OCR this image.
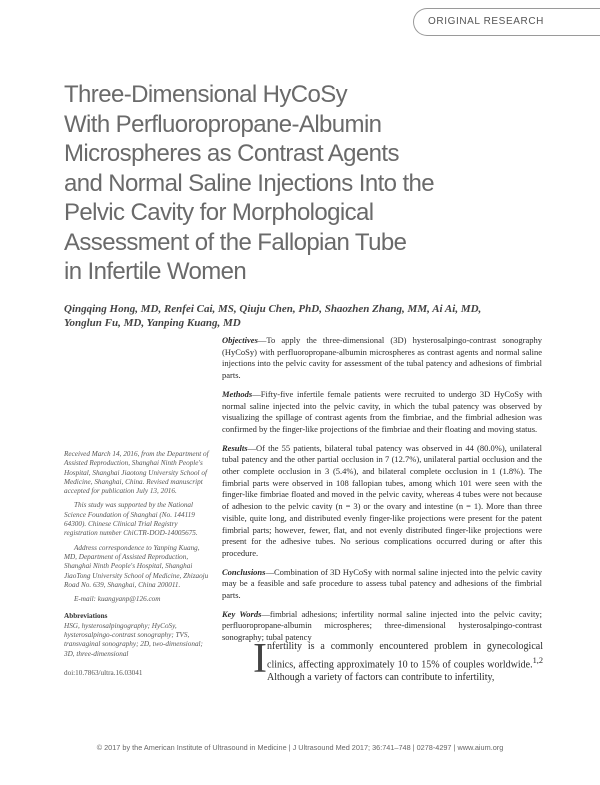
ORIGINAL RESEARCH
Three-Dimensional HyCoSy
With Perfluoropropane-Albumin
Microspheres as Contrast Agents
and Normal Saline Injections Into the
Pelvic Cavity for Morphological
Assessment of the Fallopian Tube
in Infertile Women
Qingqing Hong, MD, Renfei Cai, MS, Qiuju Chen, PhD, Shaozhen Zhang, MM, Ai Ai, MD,
Yonglun Fu, MD, Yanping Kuang, MD

Objectives—To apply the three-dimensional (3D) hysterosalpingo-contrast sonography (HyCoSy) with perfluoropropane-albumin microspheres as contrast agents and normal saline injections into the pelvic cavity for assessment of the tubal patency and adhesions of fimbrial parts.

Methods—Fifty-five infertile female patients were recruited to undergo 3D HyCoSy with normal saline injected into the pelvic cavity, in which the tubal patency was observed by visualizing the spillage of contrast agents from the fimbriae, and the fimbrial adhesion was confirmed by the finger-like projections of the fimbriae and their floating and moving status.

Results—Of the 55 patients, bilateral tubal patency was observed in 44 (80.0%), unilateral tubal patency and the other partial occlusion in 7 (12.7%), unilateral partial occlusion and the other complete occlusion in 3 (5.4%), and bilateral complete occlusion in 1 (1.8%). The fimbrial parts were observed in 108 fallopian tubes, among which 101 were seen with the finger-like fimbriae floated and moved in the pelvic cavity, whereas 4 tubes were not because of adhesion to the pelvic cavity (n = 3) or the ovary and intestine (n = 1). More than three visible, quite long, and distributed evenly finger-like projections were present for the patent fimbrial parts; however, fewer, flat, and not evenly distributed finger-like projections were present for the adhesive tubes. No serious complications occurred during or after this procedure.

Conclusions—Combination of 3D HyCoSy with normal saline injected into the pelvic cavity may be a feasible and safe procedure to assess tubal patency and adhesions of the fimbrial parts.

Key Words—fimbrial adhesions; infertility normal saline injected into the pelvic cavity; perfluoropropane-albumin microspheres; three-dimensional hysterosalpingo-contrast sonography; tubal patency

Received March 14, 2016, from the Department of Assisted Reproduction, Shanghai Ninth People's Hospital, Shanghai Jiaotong University School of Medicine, Shanghai, China. Revised manuscript accepted for publication July 13, 2016.

This study was supported by the National Science Foundation of Shanghai (No. 144119 64300). Chinese Clinical Trial Registry registration number ChiCTR-DOD-14005675.

Address correspondence to Yanping Kuang, MD, Department of Assisted Reproduction, Shanghai Ninth People's Hospital, Shanghai JiaoTong University School of Medicine, Zhizaoju Road No. 639, Shanghai, China 200011.

E-mail: kuangyanp@126.com

Abbreviations

HSG, hysterosalpingography; HyCoSy, hysterosalpingo-contrast sonography; TVS, transvaginal sonography; 2D, two-dimensional; 3D, three-dimensional

doi:10.7863/ultra.16.03041	I nfertility is a commonly encountered problem in gynecological clinics, affecting approximately 10 to 15% of couples worldwide.$^{1,2}$ Although a variety of factors can contribute to infertility,
© 2017 by the American Institute of Ultrasound in Medicine | J Ultrasound Med 2017; 36:741–748 | 0278-4297 | www.aium.org
